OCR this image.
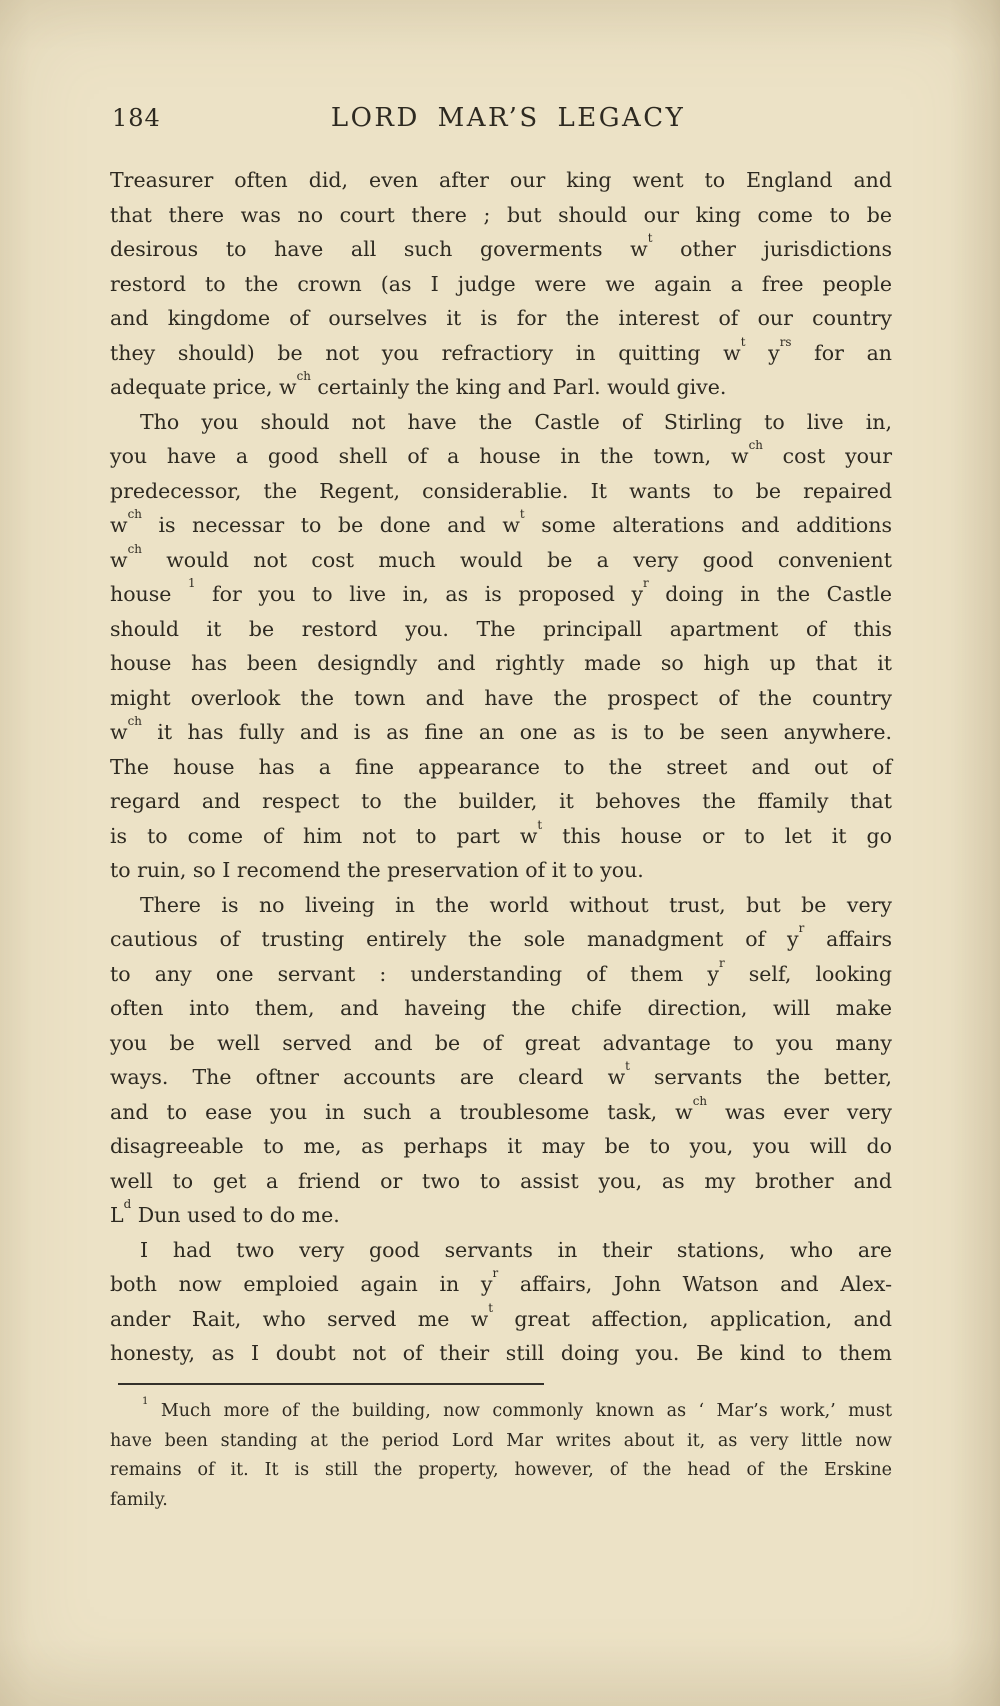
184	LORD MAR’S LEGACY
Treasurer often did, even after our king went to England and
that there was no court there ; but should our king come to be
desirous to have all such goverments $w^t$ other jurisdictions
restord to the crown (as I judge were we again a free people
and kingdome of ourselves it is for the interest of our country
they should) be not you refractiory in quitting $w^t$ $y^{rs}$ for an
adequate price, $w^{ch}$ certainly the king and Parl. would give.
Tho you should not have the Castle of Stirling to live in,
you have a good shell of a house in the town, $w^{ch}$ cost your
predecessor, the Regent, considerablie. It wants to be repaired
$w^{ch}$ is necessar to be done and $w^t$ some alterations and additions
$w^{ch}$ would not cost much would be a very good convenient
house $^1$ for you to live in, as is proposed $y^r$ doing in the Castle
should it be restord you. The principall apartment of this
house has been designdly and rightly made so high up that it
might overlook the town and have the prospect of the country
$w^{ch}$ it has fully and is as fine an one as is to be seen anywhere.
The house has a fine appearance to the street and out of
regard and respect to the builder, it behoves the ffamily that
is to come of him not to part $w^t$ this house or to let it go
to ruin, so I recomend the preservation of it to you.
There is no liveing in the world without trust, but be very
cautious of trusting entirely the sole manadgment of $y^r$ affairs
to any one servant : understanding of them $y^r$ self, looking
often into them, and haveing the chife direction, will make
you be well served and be of great advantage to you many
ways. The oftner accounts are cleard $w^t$ servants the better,
and to ease you in such a troublesome task, $w^{ch}$ was ever very
disagreeable to me, as perhaps it may be to you, you will do
well to get a friend or two to assist you, as my brother and
$L^d$ Dun used to do me.
I had two very good servants in their stations, who are
both now emploied again in $y^r$ affairs, John Watson and Alex-
ander Rait, who served me $w^t$ great affection, application, and
honesty, as I doubt not of their still doing you. Be kind to them
$^1$ Much more of the building, now commonly known as ‘ Mar’s work,’ must
have been standing at the period Lord Mar writes about it, as very little now
remains of it. It is still the property, however, of the head of the Erskine
family.
